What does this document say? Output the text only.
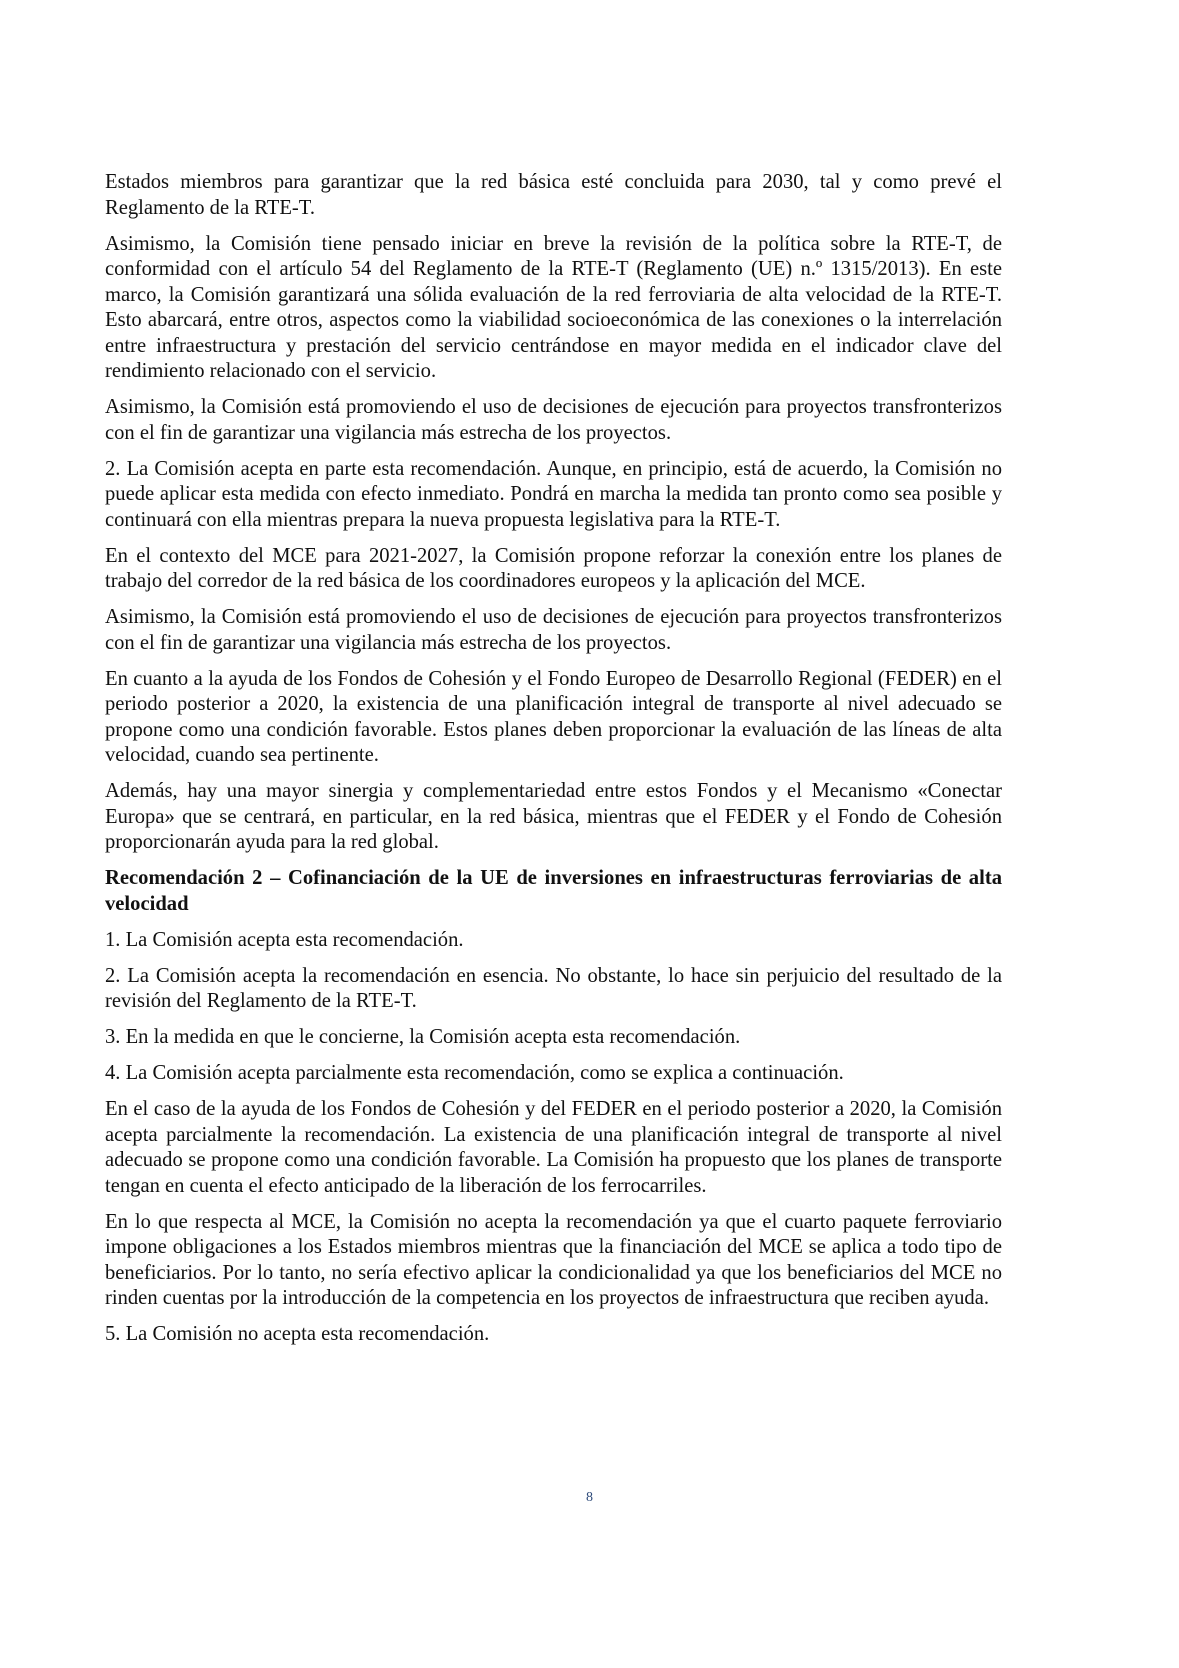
Estados miembros para garantizar que la red básica esté concluida para 2030, tal y como prevé el Reglamento de la RTE-T.

Asimismo, la Comisión tiene pensado iniciar en breve la revisión de la política sobre la RTE-T, de conformidad con el artículo 54 del Reglamento de la RTE-T (Reglamento (UE) n.º 1315/2013). En este marco, la Comisión garantizará una sólida evaluación de la red ferroviaria de alta velocidad de la RTE-T. Esto abarcará, entre otros, aspectos como la viabilidad socioeconómica de las conexiones o la interrelación entre infraestructura y prestación del servicio centrándose en mayor medida en el indicador clave del rendimiento relacionado con el servicio.

Asimismo, la Comisión está promoviendo el uso de decisiones de ejecución para proyectos transfronterizos con el fin de garantizar una vigilancia más estrecha de los proyectos.

2. La Comisión acepta en parte esta recomendación. Aunque, en principio, está de acuerdo, la Comisión no puede aplicar esta medida con efecto inmediato. Pondrá en marcha la medida tan pronto como sea posible y continuará con ella mientras prepara la nueva propuesta legislativa para la RTE-T.

En el contexto del MCE para 2021-2027, la Comisión propone reforzar la conexión entre los planes de trabajo del corredor de la red básica de los coordinadores europeos y la aplicación del MCE.

Asimismo, la Comisión está promoviendo el uso de decisiones de ejecución para proyectos transfronterizos con el fin de garantizar una vigilancia más estrecha de los proyectos.

En cuanto a la ayuda de los Fondos de Cohesión y el Fondo Europeo de Desarrollo Regional (FEDER) en el periodo posterior a 2020, la existencia de una planificación integral de transporte al nivel adecuado se propone como una condición favorable. Estos planes deben proporcionar la evaluación de las líneas de alta velocidad, cuando sea pertinente.

Además, hay una mayor sinergia y complementariedad entre estos Fondos y el Mecanismo «Conectar Europa» que se centrará, en particular, en la red básica, mientras que el FEDER y el Fondo de Cohesión proporcionarán ayuda para la red global.

Recomendación 2 – Cofinanciación de la UE de inversiones en infraestructuras ferroviarias de alta velocidad

1. La Comisión acepta esta recomendación.

2. La Comisión acepta la recomendación en esencia. No obstante, lo hace sin perjuicio del resultado de la revisión del Reglamento de la RTE-T.

3. En la medida en que le concierne, la Comisión acepta esta recomendación.

4. La Comisión acepta parcialmente esta recomendación, como se explica a continuación.

En el caso de la ayuda de los Fondos de Cohesión y del FEDER en el periodo posterior a 2020, la Comisión acepta parcialmente la recomendación. La existencia de una planificación integral de transporte al nivel adecuado se propone como una condición favorable. La Comisión ha propuesto que los planes de transporte tengan en cuenta el efecto anticipado de la liberación de los ferrocarriles.

En lo que respecta al MCE, la Comisión no acepta la recomendación ya que el cuarto paquete ferroviario impone obligaciones a los Estados miembros mientras que la financiación del MCE se aplica a todo tipo de beneficiarios. Por lo tanto, no sería efectivo aplicar la condicionalidad ya que los beneficiarios del MCE no rinden cuentas por la introducción de la competencia en los proyectos de infraestructura que reciben ayuda.

5. La Comisión no acepta esta recomendación.

8
